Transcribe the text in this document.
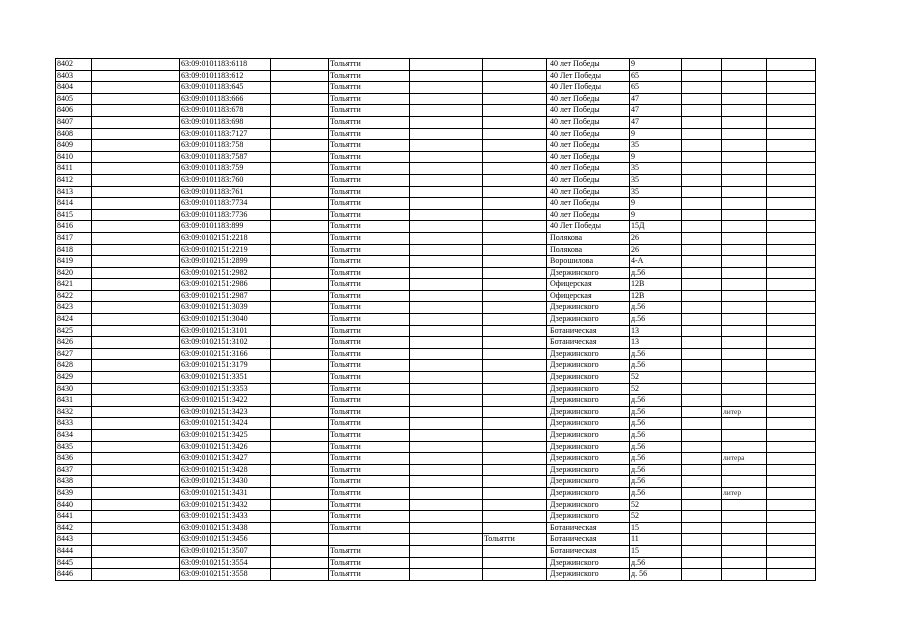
8402		63:09:0101183:6118		Тольятти			40 лет Победы	9			
8403		63:09:0101183:612		Тольятти			40 Лет Победы	65			
8404		63:09:0101183:645		Тольятти			40 Лет Победы	65			
8405		63:09:0101183:666		Тольятти			40 лет Победы	47			
8406		63:09:0101183:678		Тольятти			40 лет Победы	47			
8407		63:09:0101183:698		Тольятти			40 лет Победы	47			
8408		63:09:0101183:7127		Тольятти			40 лет Победы	9			
8409		63:09:0101183:758		Тольятти			40 лет Победы	35			
8410		63:09:0101183:7587		Тольятти			40 лет Победы	9			
8411		63:09:0101183:759		Тольятти			40 лет Победы	35			
8412		63:09:0101183:760		Тольятти			40 лет Победы	35			
8413		63:09:0101183:761		Тольятти			40 лет Победы	35			
8414		63:09:0101183:7734		Тольятти			40 лет Победы	9			
8415		63:09:0101183:7736		Тольятти			40 лет Победы	9			
8416		63:09:0101183:899		Тольятти			40 Лет Победы	15Д			
8417		63:09:0102151:2218		Тольятти			Полякова	26			
8418		63:09:0102151:2219		Тольятти			Полякова	26			
8419		63:09:0102151:2899		Тольятти			Ворошилова	4-А			
8420		63:09:0102151:2982		Тольятти			Дзержинского	д.56			
8421		63:09:0102151:2986		Тольятти			Офицерская	12В			
8422		63:09:0102151:2987		Тольятти			Офицерская	12В			
8423		63:09:0102151:3039		Тольятти			Дзержинского	д.56			
8424		63:09:0102151:3040		Тольятти			Дзержинского	д.56			
8425		63:09:0102151:3101		Тольятти			Ботаническая	13			
8426		63:09:0102151:3102		Тольятти			Ботаническая	13			
8427		63:09:0102151:3166		Тольятти			Дзержинского	д.56			
8428		63:09:0102151:3179		Тольятти			Дзержинского	д.56			
8429		63:09:0102151:3351		Тольятти			Дзержинского	52			
8430		63:09:0102151:3353		Тольятти			Дзержинского	52			
8431		63:09:0102151:3422		Тольятти			Дзержинского	д.56			
8432		63:09:0102151:3423		Тольятти			Дзержинского	д.56		литер	
8433		63:09:0102151:3424		Тольятти			Дзержинского	д.56			
8434		63:09:0102151:3425		Тольятти			Дзержинского	д.56			
8435		63:09:0102151:3426		Тольятти			Дзержинского	д.56			
8436		63:09:0102151:3427		Тольятти			Дзержинского	д.56		литера	
8437		63:09:0102151:3428		Тольятти			Дзержинского	д.56			
8438		63:09:0102151:3430		Тольятти			Дзержинского	д.56			
8439		63:09:0102151:3431		Тольятти			Дзержинского	д.56		литер	
8440		63:09:0102151:3432		Тольятти			Дзержинского	52			
8441		63:09:0102151:3433		Тольятти			Дзержинского	52			
8442		63:09:0102151:3438		Тольятти			Ботаническая	15			
8443		63:09:0102151:3456				Тольятти	Ботаническая	11			
8444		63:09:0102151:3507		Тольятти			Ботаническая	15			
8445		63:09:0102151:3554		Тольятти			Дзержинского	д.56			
8446		63:09:0102151:3558		Тольятти			Дзержинского	д. 56			
